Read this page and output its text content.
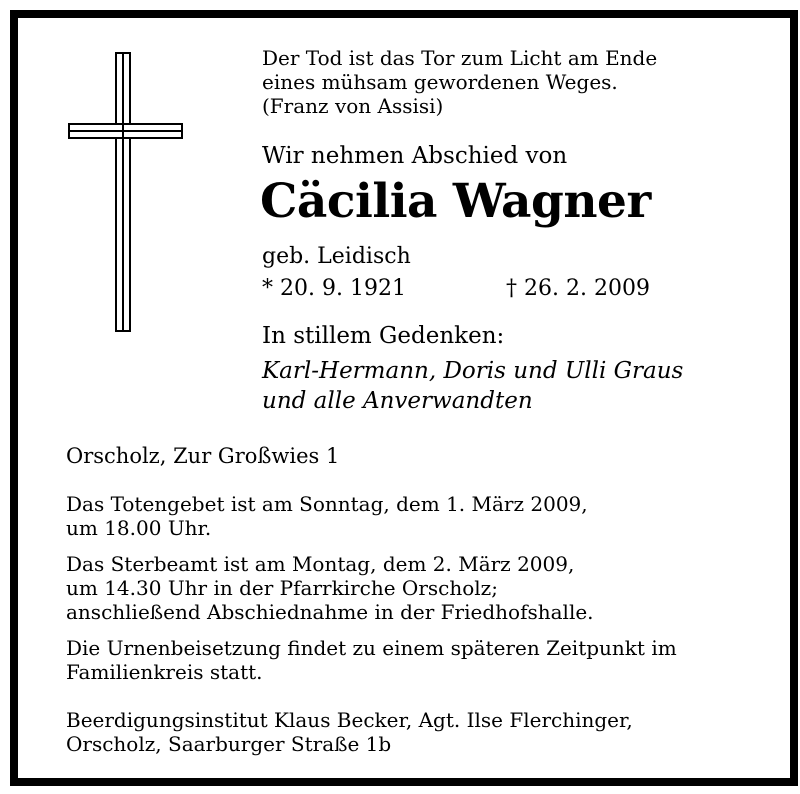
Der Tod ist das Tor zum Licht am Ende
eines mühsam gewordenen Weges.
(Franz von Assisi)
Wir nehmen Abschied von
Cäcilia Wagner
geb. Leidisch
* 20. 9. 1921	† 26. 2. 2009
In stillem Gedenken:
Karl-Hermann, Doris und Ulli Graus
und alle Anverwandten
Orscholz, Zur Großwies 1
Das Totengebet ist am Sonntag, dem 1. März 2009,
um 18.00 Uhr.
Das Sterbeamt ist am Montag, dem 2. März 2009,
um 14.30 Uhr in der Pfarrkirche Orscholz;
anschließend Abschiednahme in der Friedhofshalle.
Die Urnenbeisetzung findet zu einem späteren Zeitpunkt im
Familienkreis statt.
Beerdigungsinstitut Klaus Becker, Agt. Ilse Flerchinger,
Orscholz, Saarburger Straße 1b
